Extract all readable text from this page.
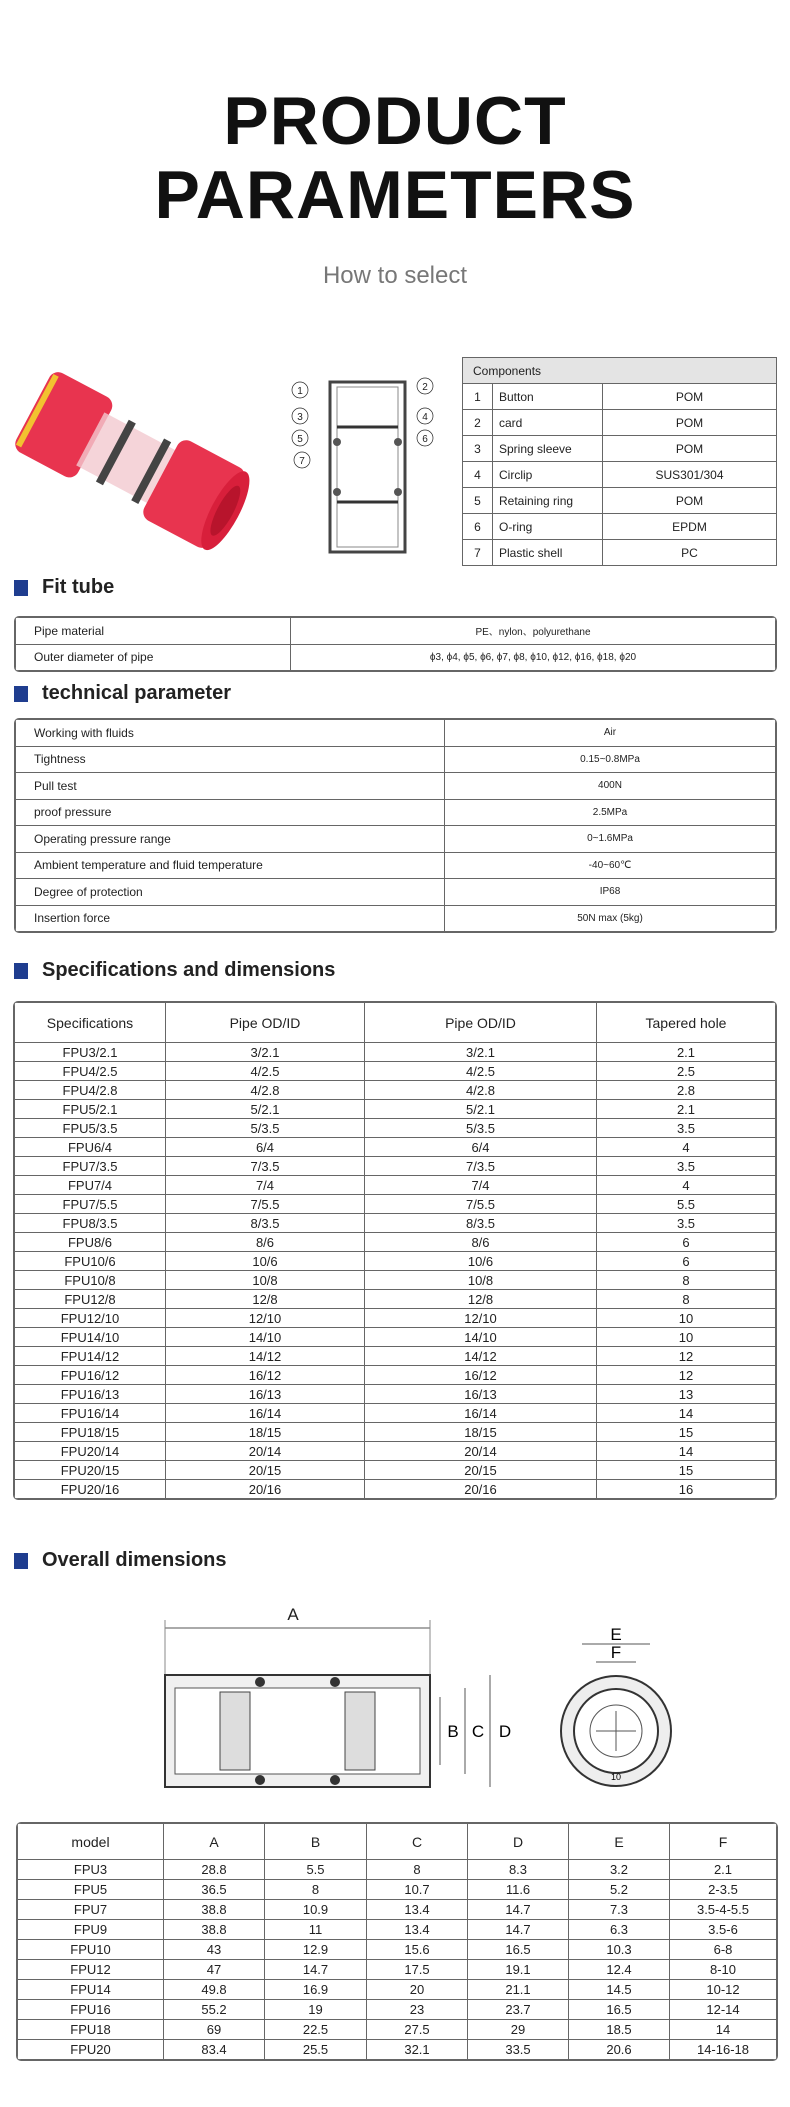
PRODUCT
PARAMETERS
How to select
1	2
3	4
5	6
7
Components		
1	Button	POM
2	card	POM
3	Spring sleeve	POM
4	Circlip	SUS301/304
5	Retaining ring	POM
6	O-ring	EPDM
7	Plastic shell	PC
Fit tube
Pipe material	PE、nylon、polyurethane
Outer diameter of pipe	ϕ3, ϕ4, ϕ5, ϕ6, ϕ7, ϕ8, ϕ10, ϕ12, ϕ16, ϕ18, ϕ20
technical parameter
Working with fluids	Air
Tightness	0.15~0.8MPa
Pull test	400N
proof pressure	2.5MPa
Operating pressure range	0~1.6MPa
Ambient temperature and fluid temperature	-40~60℃
Degree of protection	IP68
Insertion force	50N max (5kg)
Specifications and dimensions
Specifications	Pipe OD/ID	Pipe OD/ID	Tapered hole
FPU3/2.1	3/2.1	3/2.1	2.1
FPU4/2.5	4/2.5	4/2.5	2.5
FPU4/2.8	4/2.8	4/2.8	2.8
FPU5/2.1	5/2.1	5/2.1	2.1
FPU5/3.5	5/3.5	5/3.5	3.5
FPU6/4	6/4	6/4	4
FPU7/3.5	7/3.5	7/3.5	3.5
FPU7/4	7/4	7/4	4
FPU7/5.5	7/5.5	7/5.5	5.5
FPU8/3.5	8/3.5	8/3.5	3.5
FPU8/6	8/6	8/6	6
FPU10/6	10/6	10/6	6
FPU10/8	10/8	10/8	8
FPU12/8	12/8	12/8	8
FPU12/10	12/10	12/10	10
FPU14/10	14/10	14/10	10
FPU14/12	14/12	14/12	12
FPU16/12	16/12	16/12	12
FPU16/13	16/13	16/13	13
FPU16/14	16/14	16/14	14
FPU18/15	18/15	18/15	15
FPU20/14	20/14	20/14	14
FPU20/15	20/15	20/15	15
FPU20/16	20/16	20/16	16
Overall dimensions
A
B C D
E
F
10
model	A	B	C	D	E	F
FPU3	28.8	5.5	8	8.3	3.2	2.1
FPU5	36.5	8	10.7	11.6	5.2	2-3.5
FPU7	38.8	10.9	13.4	14.7	7.3	3.5-4-5.5
FPU9	38.8	11	13.4	14.7	6.3	3.5-6
FPU10	43	12.9	15.6	16.5	10.3	6-8
FPU12	47	14.7	17.5	19.1	12.4	8-10
FPU14	49.8	16.9	20	21.1	14.5	10-12
FPU16	55.2	19	23	23.7	16.5	12-14
FPU18	69	22.5	27.5	29	18.5	14
FPU20	83.4	25.5	32.1	33.5	20.6	14-16-18
